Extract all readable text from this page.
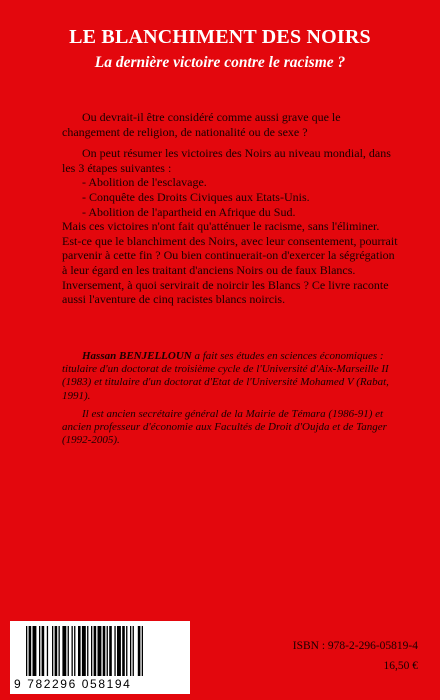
LE BLANCHIMENT DES NOIRS
La dernière victoire contre le racisme ?

Ou devrait-il être considéré comme aussi grave que le changement de religion, de nationalité ou de sexe ?

On peut résumer les victoires des Noirs au niveau mondial, dans les 3 étapes suivantes :

- Abolition de l'esclavage.
- Conquête des Droits Civiques aux Etats-Unis.
- Abolition de l'apartheid en Afrique du Sud.

Mais ces victoires n'ont fait qu'atténuer le racisme, sans l'éliminer. Est-ce que le blanchiment des Noirs, avec leur consentement, pourrait parvenir à cette fin ? Ou bien continuerait-on d'exercer la ségrégation à leur égard en les traitant d'anciens Noirs ou de faux Blancs. Inversement, à quoi servirait de noircir les Blancs ? Ce livre raconte aussi l'aventure de cinq racistes blancs noircis.

Hassan BENJELLOUN a fait ses études en sciences économiques : titulaire d'un doctorat de troisième cycle de l'Université d'Aix-Marseille II (1983) et titulaire d'un doctorat d'Etat de l'Université Mohamed V (Rabat, 1991).

Il est ancien secrétaire général de la Mairie de Témara (1986-91) et ancien professeur d'économie aux Facultés de Droit d'Oujda et de Tanger (1992-2005).

9 782296 058194
ISBN : 978-2-296-05819-4
16,50 €
